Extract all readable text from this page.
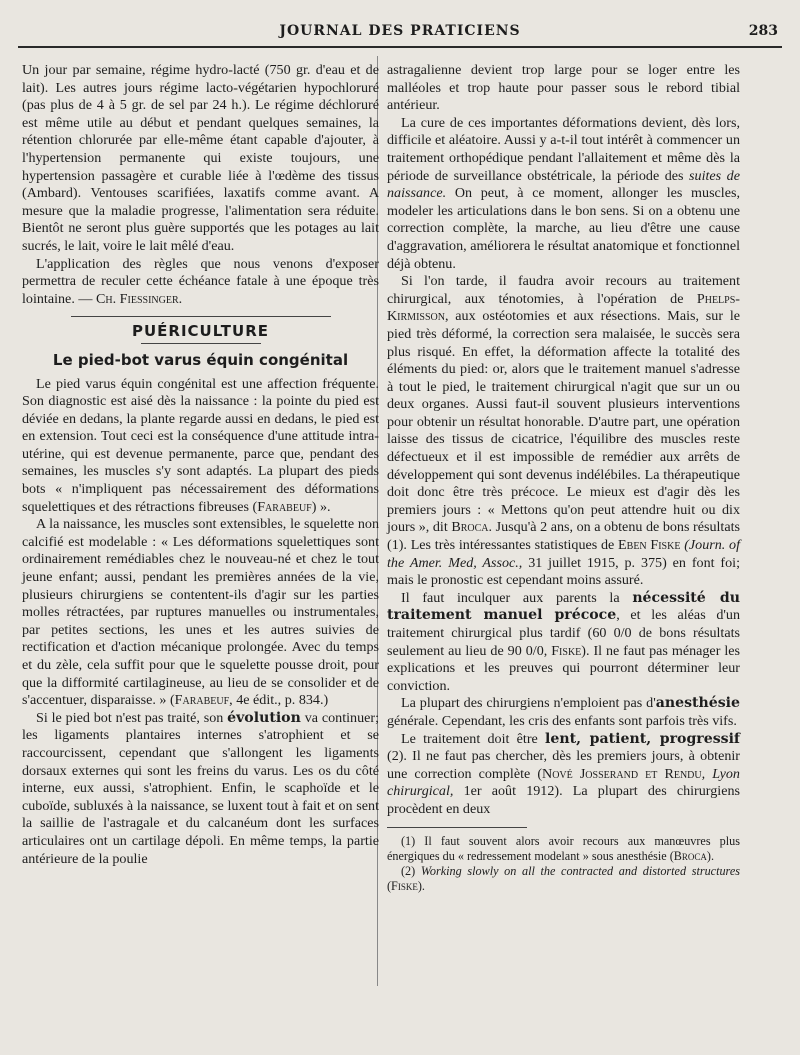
JOURNAL DES PRATICIENS	283

Un jour par semaine, régime hydro-lacté (750 gr. d'eau et de lait). Les autres jours régime lacto-végétarien hypochloruré (pas plus de 4 à 5 gr. de sel par 24 h.). Le régime déchloruré est même utile au début et pendant quelques semaines, la rétention chlorurée par elle-même étant capable d'ajouter, à l'hypertension permanente qui existe toujours, une hypertension passagère et curable liée à l'œdème des tissus (Ambard). Ventouses scarifiées, laxatifs comme avant. A mesure que la maladie progresse, l'alimentation sera réduite. Bientôt ne seront plus guère supportés que les potages au lait sucrés, le lait, voire le lait mêlé d'eau.

L'application des règles que nous venons d'exposer permettra de reculer cette échéance fatale à une époque très lointaine. — Ch. Fiessinger.

PUÉRICULTURE
Le pied-bot varus équin congénital

Le pied varus équin congénital est une affection fréquente. Son diagnostic est aisé dès la naissance : la pointe du pied est déviée en dedans, la plante regarde aussi en dedans, le pied est en extension. Tout ceci est la conséquence d'une attitude intra-utérine, qui est devenue permanente, parce que, pendant des semaines, les muscles s'y sont adaptés. La plupart des pieds bots « n'impliquent pas nécessairement des déformations squelettiques et des rétractions fibreuses (Farabeuf) ».

A la naissance, les muscles sont extensibles, le squelette non calcifié est modelable : « Les déformations squelettiques sont ordinairement remédiables chez le nouveau-né et chez le tout jeune enfant; aussi, pendant les premières années de la vie, plusieurs chirurgiens se contentent-ils d'agir sur les parties molles rétractées, par ruptures manuelles ou instrumentales, par petites sections, les unes et les autres suivies de rectification et d'action mécanique prolongée. Avec du temps et du zèle, cela suffit pour que le squelette pousse droit, pour que la difformité cartilagineuse, au lieu de se consolider et de s'accentuer, disparaisse. » (Farabeuf, 4e édit., p. 834.)

Si le pied bot n'est pas traité, son évolution va continuer; les ligaments plantaires internes s'atrophient et se raccourcissent, cependant que s'allongent les ligaments dorsaux externes qui sont les freins du varus. Les os du côté interne, eux aussi, s'atrophient. Enfin, le scaphoïde et le cuboïde, subluxés à la naissance, se luxent tout à fait et on sent la saillie de l'astragale et du calcanéum dont les surfaces articulaires ont un cartilage dépoli. En même temps, la partie antérieure de la poulie

astragalienne devient trop large pour se loger entre les malléoles et trop haute pour passer sous le rebord tibial antérieur.

La cure de ces importantes déformations devient, dès lors, difficile et aléatoire. Aussi y a-t-il tout intérêt à commencer un traitement orthopédique pendant l'allaitement et même dès la période de surveillance obstétricale, la période des suites de naissance. On peut, à ce moment, allonger les muscles, modeler les articulations dans le bon sens. Si on a obtenu une correction complète, la marche, au lieu d'être une cause d'aggravation, améliorera le résultat anatomique et fonctionnel déjà obtenu.

Si l'on tarde, il faudra avoir recours au traitement chirurgical, aux ténotomies, à l'opération de Phelps-Kirmisson, aux ostéotomies et aux résections. Mais, sur le pied très déformé, la correction sera malaisée, le succès sera plus risqué. En effet, la déformation affecte la totalité des éléments du pied: or, alors que le traitement manuel s'adresse à tout le pied, le traitement chirurgical n'agit que sur un ou deux organes. Aussi faut-il souvent plusieurs interventions pour obtenir un résultat honorable. D'autre part, une opération laisse des tissus de cicatrice, l'équilibre des muscles reste défectueux et il est impossible de remédier aux arrêts de développement qui sont devenus indélébiles. La thérapeutique doit donc être très précoce. Le mieux est d'agir dès les premiers jours : « Mettons qu'on peut attendre huit ou dix jours », dit Broca. Jusqu'à 2 ans, on a obtenu de bons résultats (1). Les très intéressantes statistiques de Eben Fiske (Journ. of the Amer. Med, Assoc., 31 juillet 1915, p. 375) en font foi; mais le pronostic est cependant moins assuré.

Il faut inculquer aux parents la nécessité du traitement manuel précoce, et les aléas d'un traitement chirurgical plus tardif (60 0/0 de bons résultats seulement au lieu de 90 0/0, Fiske). Il ne faut pas ménager les explications et les preuves qui pourront déterminer leur conviction.

La plupart des chirurgiens n'emploient pas d'anesthésie générale. Cependant, les cris des enfants sont parfois très vifs.

Le traitement doit être lent, patient, progressif (2). Il ne faut pas chercher, dès les premiers jours, à obtenir une correction complète (Nové Josserand et Rendu, Lyon chirurgical, 1er août 1912). La plupart des chirurgiens procèdent en deux

(1) Il faut souvent alors avoir recours aux manœuvres plus énergiques du « redressement modelant » sous anesthésie (Broca).

(2) Working slowly on all the contracted and distorted structures (Fiske).
